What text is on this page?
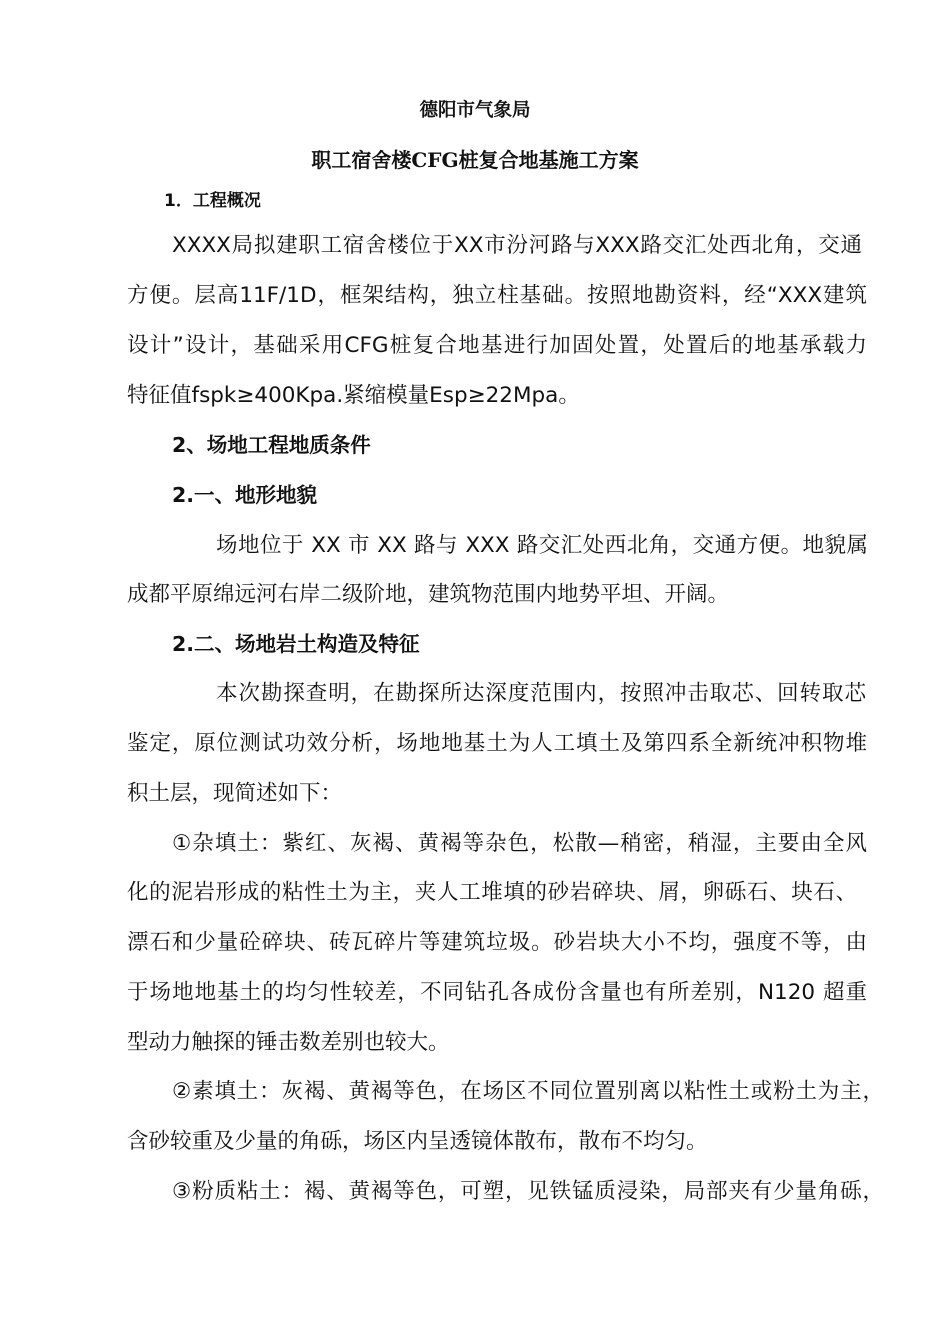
德阳市气象局
职工宿舍楼CFG桩复合地基施工方案
1．工程概况
XXXX局拟建职工宿舍楼位于XX市汾河路与XXX路交汇处西北角，交通
方便。层高11F/1D，框架结构，独立柱基础。按照地勘资料，经“XXX建筑
设计”设计，基础采用CFG桩复合地基进行加固处置，处置后的地基承载力
特征值fspk≥400Kpa.紧缩模量Esp≥22Mpa。
2、场地工程地质条件
2.一、地形地貌
场地位于 XX 市 XX 路与 XXX 路交汇处西北角，交通方便。地貌属
成都平原绵远河右岸二级阶地，建筑物范围内地势平坦、开阔。
2.二、场地岩土构造及特征
本次勘探查明，在勘探所达深度范围内，按照冲击取芯、回转取芯
鉴定，原位测试功效分析，场地地基土为人工填土及第四系全新统冲积物堆
积土层，现简述如下：
①杂填土：紫红、灰褐、黄褐等杂色，松散—稍密，稍湿，主要由全风
化的泥岩形成的粘性土为主，夹人工堆填的砂岩碎块、屑，卵砾石、块石、
漂石和少量砼碎块、砖瓦碎片等建筑垃圾。砂岩块大小不均，强度不等，由
于场地地基土的均匀性较差，不同钻孔各成份含量也有所差别，N120 超重
型动力触探的锤击数差别也较大。
②素填土：灰褐、黄褐等色，在场区不同位置别离以粘性土或粉土为主，
含砂较重及少量的角砾，场区内呈透镜体散布，散布不均匀。
③粉质粘土：褐、黄褐等色，可塑，见铁锰质浸染，局部夹有少量角砾，
